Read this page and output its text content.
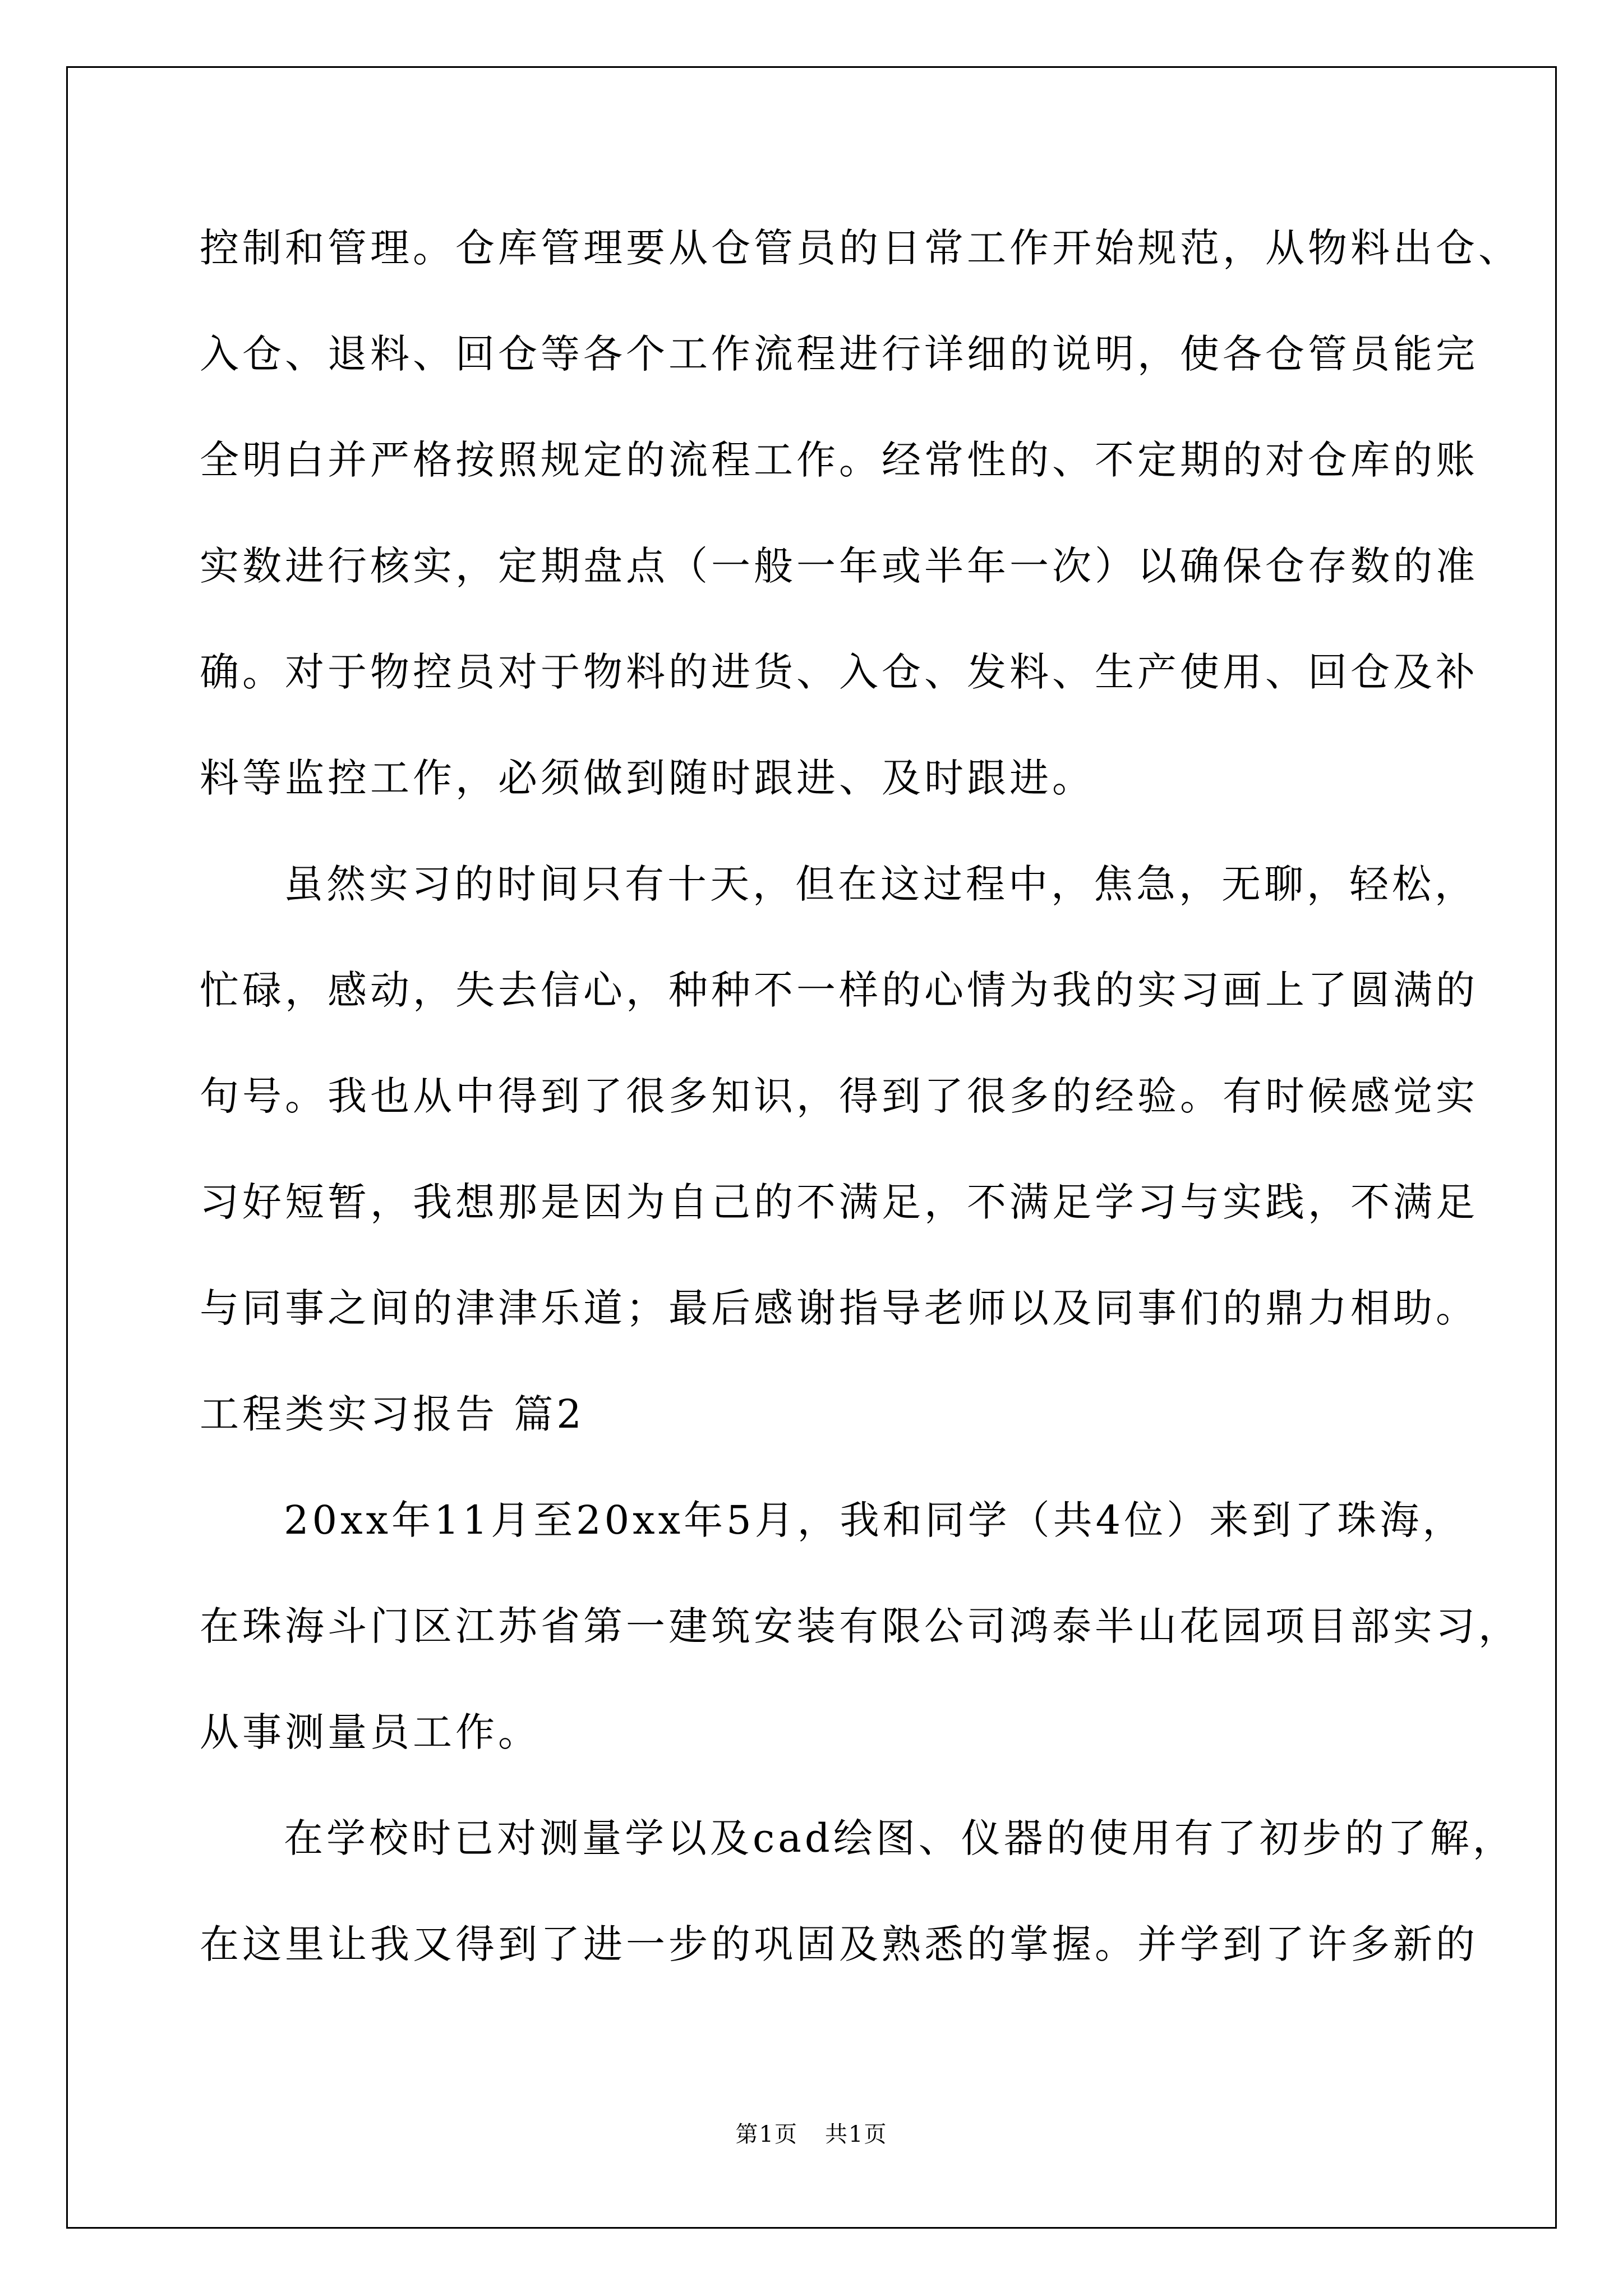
控制和管理。仓库管理要从仓管员的日常工作开始规范，从物料出仓、
入仓、退料、回仓等各个工作流程进行详细的说明，使各仓管员能完
全明白并严格按照规定的流程工作。经常性的、不定期的对仓库的账
实数进行核实，定期盘点（一般一年或半年一次）以确保仓存数的准
确。对于物控员对于物料的进货、入仓、发料、生产使用、回仓及补
料等监控工作，必须做到随时跟进、及时跟进。
虽然实习的时间只有十天，但在这过程中，焦急，无聊，轻松，
忙碌，感动，失去信心，种种不一样的心情为我的实习画上了圆满的
句号。我也从中得到了很多知识，得到了很多的经验。有时候感觉实
习好短暂，我想那是因为自己的不满足，不满足学习与实践，不满足
与同事之间的津津乐道；最后感谢指导老师以及同事们的鼎力相助。
工程类实习报告 篇2
20xx年11月至20xx年5月，我和同学（共4位）来到了珠海，
在珠海斗门区江苏省第一建筑安装有限公司鸿泰半山花园项目部实习，
从事测量员工作。
在学校时已对测量学以及cad绘图、仪器的使用有了初步的了解，
在这里让我又得到了进一步的巩固及熟悉的掌握。并学到了许多新的
第1页 共1页
